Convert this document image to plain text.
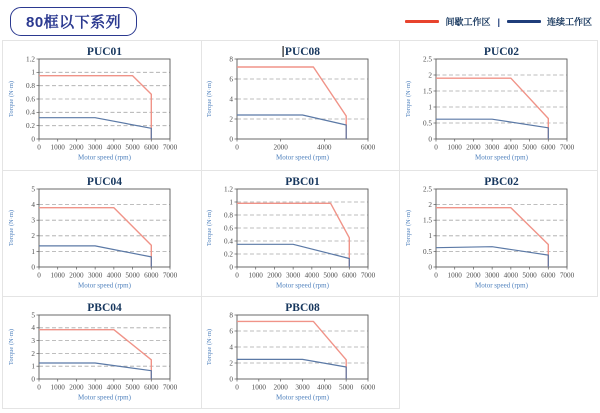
80框以下系列	间歇工作区 |	连续工作区
PUC01
0
0.2
0.4
0.6
0.8
1
1.2
0 1000 2000 3000 4000 5000 6000 7000
Motor speed (rpm)
Torque (N·m)
PUC08
0
2
4
6
8
0	2000	4000	6000
Motor speed (rpm)
Torque (N·m)
PUC02
0
0.5
1
1.5
2
2.5
0 1000 2000 3000 4000 5000 6000 7000
Motor speed (rpm)
Torque (N·m)
PUC04
0
1
2
3
4
5
0 1000 2000 3000 4000 5000 6000 7000
Motor speed (rpm)
Torque (N·m)
PBC01
0
0.2
0.4
0.6
0.8
1
1.2
0 1000 2000 3000 4000 5000 6000 7000
Motor speed (rpm)
Torque (N·m)
PBC02
0
0.5
1
1.5
2
2.5
0 1000 2000 3000 4000 5000 6000 7000
Motor speed (rpm)
Torque (N·m)
PBC04
0
1
2
3
4
5
0 1000 2000 3000 4000 5000 6000 7000
Motor speed (rpm)
Torque (N·m)
PBC08
0
2
4
6
8
0 1000 2000 3000 4000 5000 6000
Motor speed (rpm)
Torque (N·m)
